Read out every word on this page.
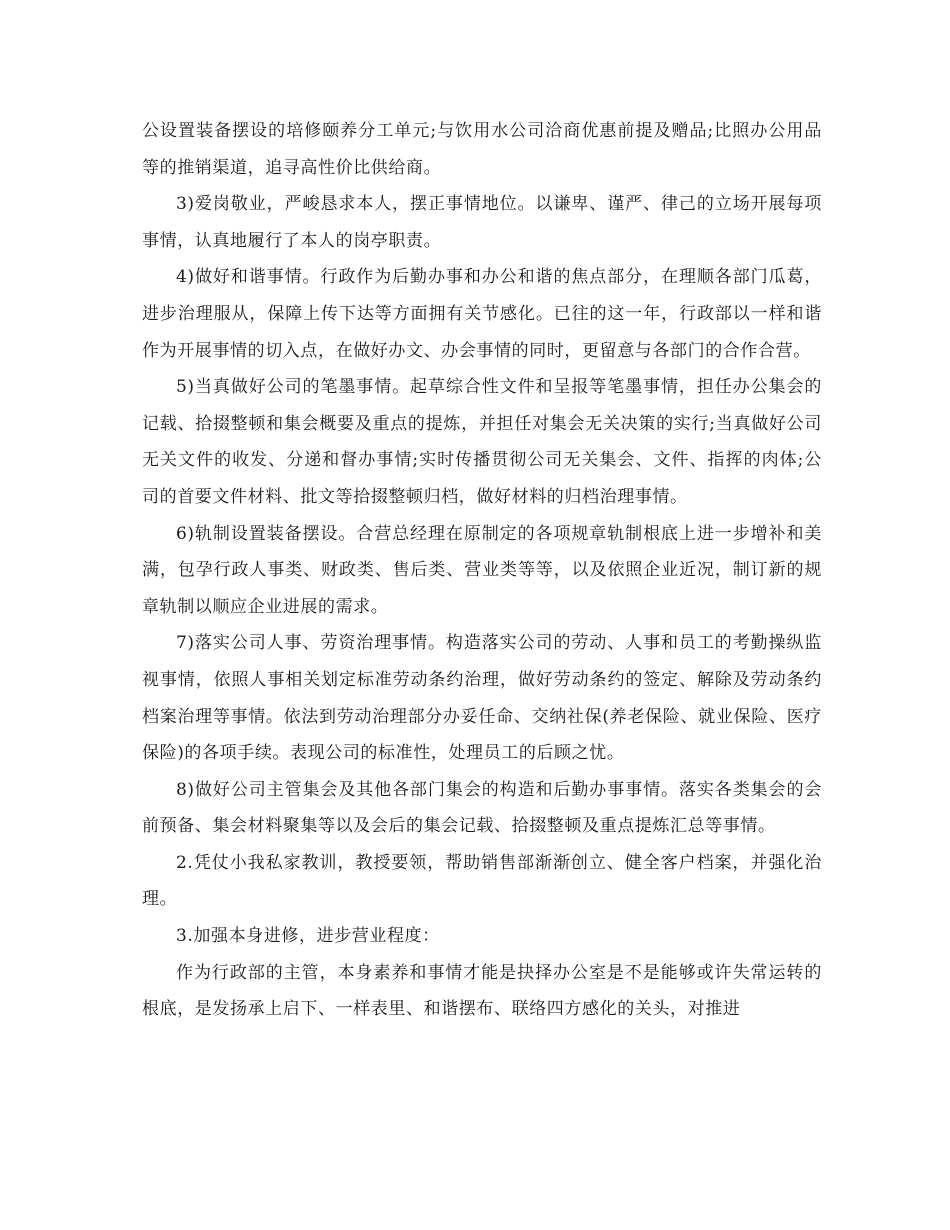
公设置装备摆设的培修颐养分工单元;与饮用水公司洽商优惠前提及赠品;比照办公用品等的推销渠道，追寻高性价比供给商。

3)爱岗敬业，严峻恳求本人，摆正事情地位。以谦卑、谨严、律己的立场开展每项事情，认真地履行了本人的岗亭职责。

4)做好和谐事情。行政作为后勤办事和办公和谐的焦点部分，在理顺各部门瓜葛，进步治理服从，保障上传下达等方面拥有关节感化。已往的这一年，行政部以一样和谐作为开展事情的切入点，在做好办文、办会事情的同时，更留意与各部门的合作合营。

5)当真做好公司的笔墨事情。起草综合性文件和呈报等笔墨事情，担任办公集会的记载、拾掇整顿和集会概要及重点的提炼，并担任对集会无关决策的实行;当真做好公司无关文件的收发、分递和督办事情;实时传播贯彻公司无关集会、文件、指挥的肉体;公司的首要文件材料、批文等拾掇整顿归档，做好材料的归档治理事情。

6)轨制设置装备摆设。合营总经理在原制定的各项规章轨制根底上进一步增补和美满，包孕行政人事类、财政类、售后类、营业类等等，以及依照企业近况，制订新的规章轨制以顺应企业进展的需求。

7)落实公司人事、劳资治理事情。构造落实公司的劳动、人事和员工的考勤操纵监视事情，依照人事相关划定标准劳动条约治理，做好劳动条约的签定、解除及劳动条约档案治理等事情。依法到劳动治理部分办妥任命、交纳社保(养老保险、就业保险、医疗保险)的各项手续。表现公司的标准性，处理员工的后顾之忧。

8)做好公司主管集会及其他各部门集会的构造和后勤办事事情。落实各类集会的会前预备、集会材料聚集等以及会后的集会记载、拾掇整顿及重点提炼汇总等事情。

2.凭仗小我私家教训，教授要领，帮助销售部渐渐创立、健全客户档案，并强化治理。

3.加强本身进修，进步营业程度：

作为行政部的主管，本身素养和事情才能是抉择办公室是不是能够或许失常运转的根底，是发扬承上启下、一样表里、和谐摆布、联络四方感化的关头，对推进
